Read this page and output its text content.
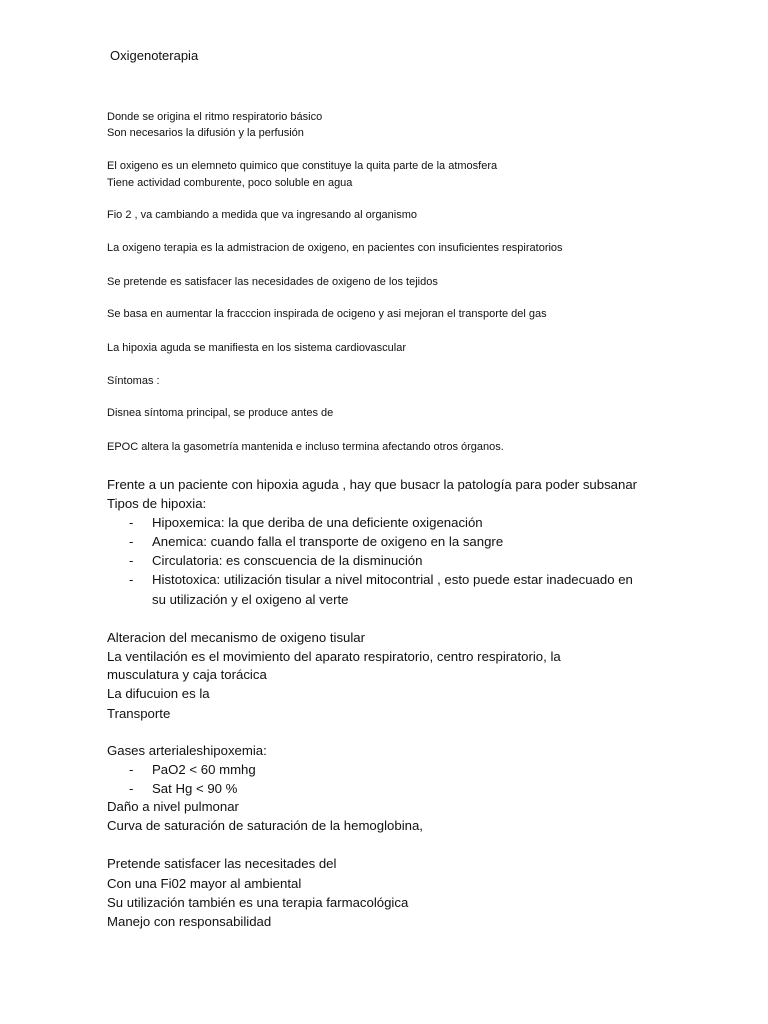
Oxigenoterapia
Donde se origina el ritmo respiratorio básico
Son necesarios la difusión y la perfusión
El oxigeno es un elemneto quimico que constituye la quita parte de la atmosfera
Tiene actividad comburente, poco soluble en agua
Fio 2 , va cambiando a medida que va ingresando al organismo
La oxigeno terapia es la admistracion de oxigeno, en pacientes con insuficientes respiratorios
Se pretende es satisfacer las necesidades de oxigeno de los tejidos
Se basa en aumentar la fracccion inspirada de ocigeno y asi mejoran el transporte del gas
La hipoxia aguda se manifiesta en los sistema cardiovascular
Síntomas :
Disnea síntoma principal, se produce antes de
EPOC altera la gasometría mantenida e incluso termina afectando otros órganos.
Frente a un paciente con hipoxia aguda , hay que busacr la patología para poder subsanar
Tipos de hipoxia:
- Hipoxemica: la que deriba de una deficiente oxigenación
- Anemica: cuando falla el transporte de oxigeno en la sangre
- Circulatoria: es conscuencia de la disminución
- Histotoxica: utilización tisular a nivel mitocontrial , esto puede estar inadecuado en
su utilización y el oxigeno al verte
Alteracion del mecanismo de oxigeno tisular
La ventilación es el movimiento del aparato respiratorio, centro respiratorio, la
musculatura y caja torácica
La difucuion es la
Transporte
Gases arterialeshipoxemia:
- PaO2 < 60 mmhg
- Sat Hg < 90 %
Daño a nivel pulmonar
Curva de saturación de saturación de la hemoglobina,
Pretende satisfacer las necesitades del
Con una Fi02 mayor al ambiental
Su utilización también es una terapia farmacológica
Manejo con responsabilidad
